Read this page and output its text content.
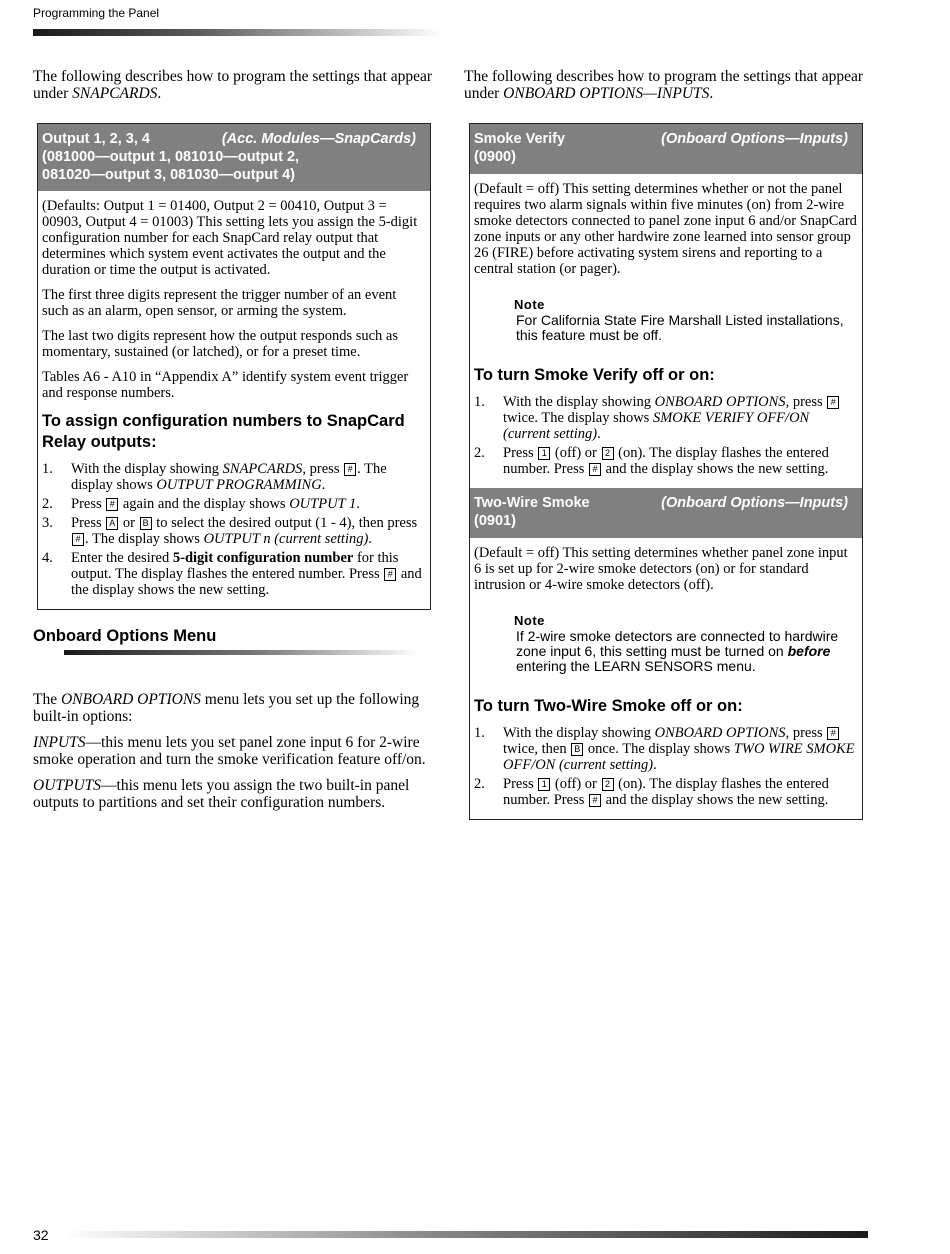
Programming the Panel

The following describes how to program the settings that appear under SNAPCARDS.

Output 1, 2, 3, 4	(Acc. Modules—SnapCards)
(081000—output 1, 081010—output 2,
081020—output 3, 081030—output 4)

(Defaults: Output 1 = 01400, Output 2 = 00410, Output 3 = 00903, Output 4 = 01003) This setting lets you assign the 5-digit configuration number for each SnapCard relay output that determines which system event activates the output and the duration or time the output is activated.

The first three digits represent the trigger number of an event such as an alarm, open sensor, or arming the system.

The last two digits represent how the output responds such as momentary, sustained (or latched), or for a preset time.

Tables A6 - A10 in “Appendix A” identify system event trigger and response numbers.

To assign configuration numbers to SnapCard Relay outputs:
1.	With the display showing SNAPCARDS, press # . The display shows OUTPUT PROGRAMMING.
2.	Press # again and the display shows OUTPUT 1.
3.	Press A or B to select the desired output (1 - 4), then press # . The display shows OUTPUT n (current setting).
4.	Enter the desired 5-digit configuration number for this output. The display flashes the entered number. Press # and the display shows the new setting.
Onboard Options Menu

The ONBOARD OPTIONS menu lets you set up the following built-in options:

INPUTS—this menu lets you set panel zone input 6 for 2-wire smoke operation and turn the smoke verification feature off/on.

OUTPUTS—this menu lets you assign the two built-in panel outputs to partitions and set their configuration numbers.

The following describes how to program the settings that appear under ONBOARD OPTIONS—INPUTS.

Smoke Verify	(Onboard Options—Inputs)
(0900)

(Default = off) This setting determines whether or not the panel requires two alarm signals within five minutes (on) from 2-wire smoke detectors connected to panel zone input 6 and/or SnapCard zone inputs or any other hardwire zone learned into sensor group 26 (FIRE) before activating system sirens and reporting to a central station (or pager).

Note
For California State Fire Marshall Listed installations, this feature must be off.
To turn Smoke Verify off or on:
1.	With the display showing ONBOARD OPTIONS, press # twice. The display shows SMOKE VERIFY OFF/ON (current setting).
2.	Press 1 (off) or 2 (on). The display flashes the entered number. Press # and the display shows the new setting.
Two-Wire Smoke	(Onboard Options—Inputs)
(0901)

(Default = off) This setting determines whether panel zone input 6 is set up for 2-wire smoke detectors (on) or for standard intrusion or 4-wire smoke detectors (off).

Note
If 2-wire smoke detectors are connected to hardwire zone input 6, this setting must be turned on before entering the LEARN SENSORS menu.
To turn Two-Wire Smoke off or on:
1.	With the display showing ONBOARD OPTIONS, press # twice, then B once. The display shows TWO WIRE SMOKE OFF/ON (current setting).
2.	Press 1 (off) or 2 (on). The display flashes the entered number. Press # and the display shows the new setting.
32
